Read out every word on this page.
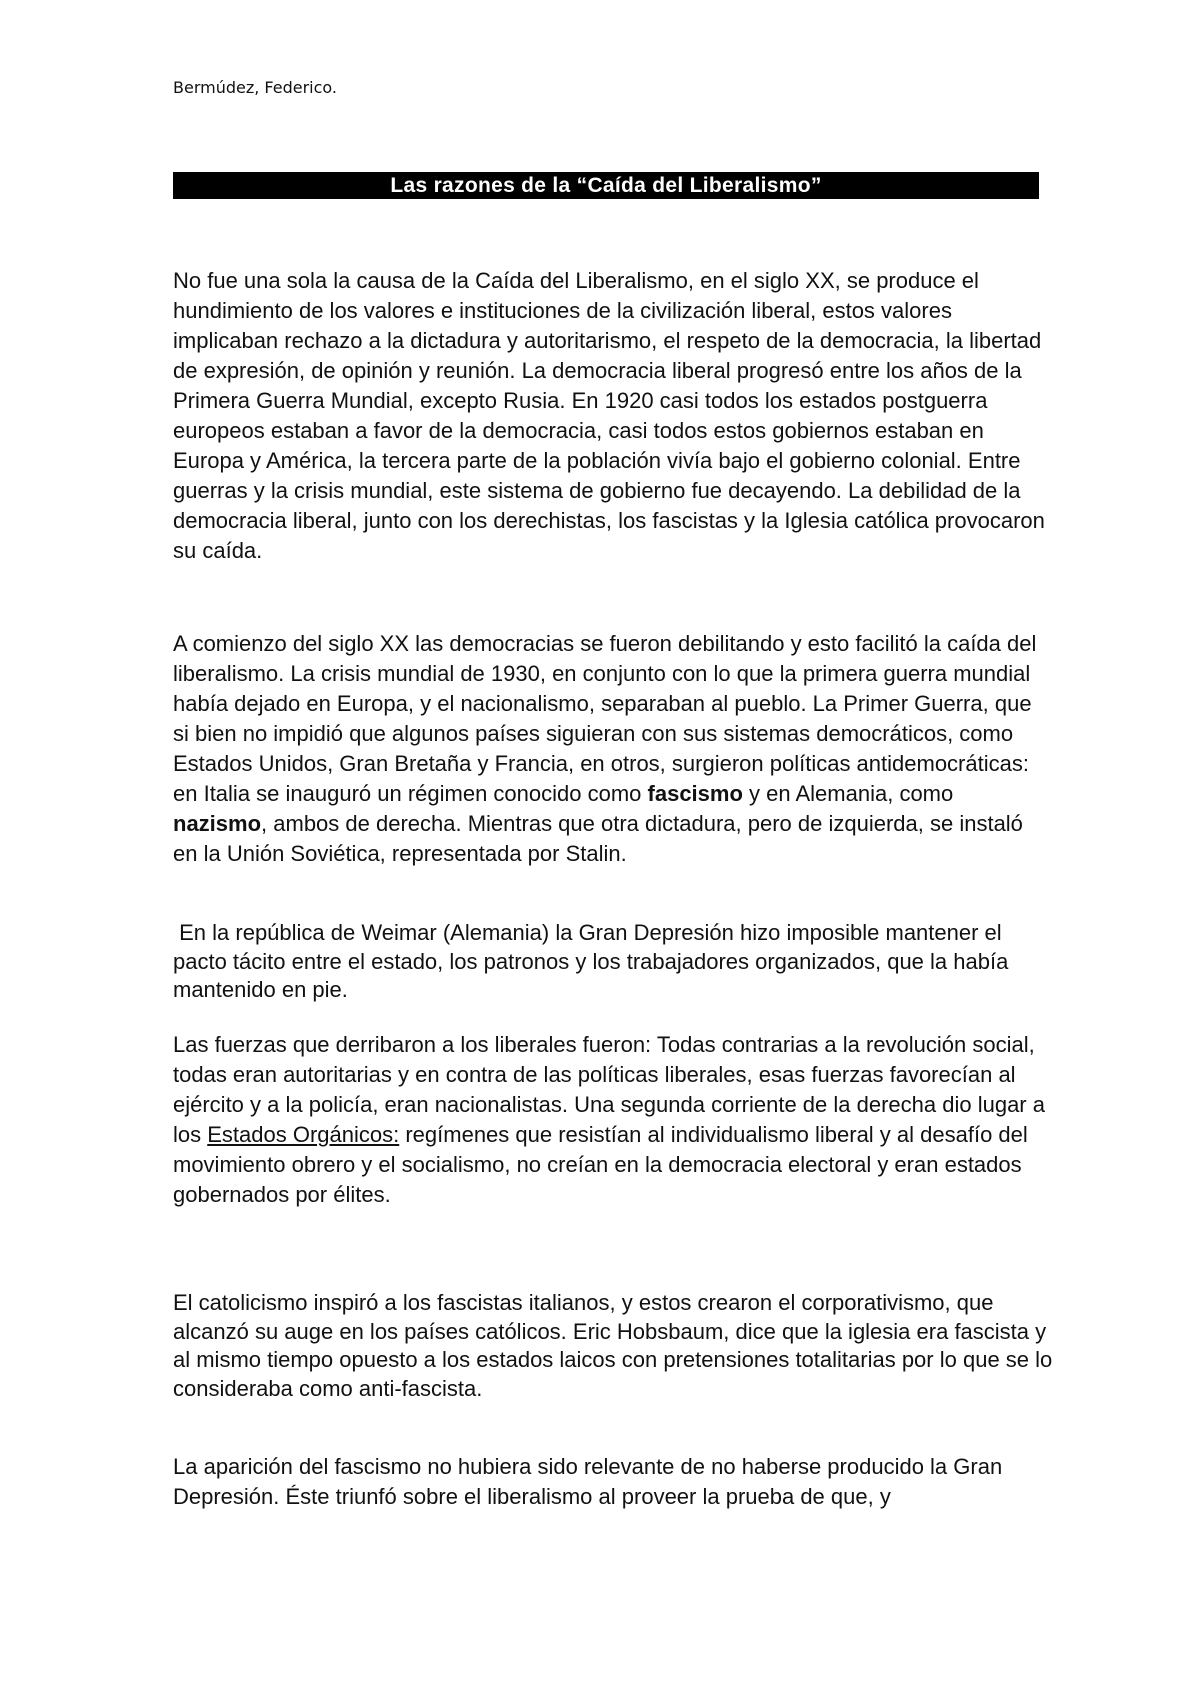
Bermúdez, Federico.
Las razones de la “Caída del Liberalismo”
No fue una sola la causa de la Caída del Liberalismo, en el siglo XX, se produce el hundimiento de los valores e instituciones de la civilización liberal, estos valores implicaban rechazo a la dictadura y autoritarismo, el respeto de la democracia, la libertad de expresión, de opinión y reunión. La democracia liberal progresó entre los años de la Primera Guerra Mundial, excepto Rusia. En 1920 casi todos los estados postguerra europeos estaban a favor de la democracia, casi todos estos gobiernos estaban en Europa y América, la tercera parte de la población vivía bajo el gobierno colonial. Entre guerras y la crisis mundial, este sistema de gobierno fue decayendo. La debilidad de la democracia liberal, junto con los derechistas, los fascistas y la Iglesia católica provocaron su caída.
A comienzo del siglo XX las democracias se fueron debilitando y esto facilitó la caída del liberalismo. La crisis mundial de 1930, en conjunto con lo que la primera guerra mundial había dejado en Europa, y el nacionalismo, separaban al pueblo. La Primer Guerra, que si bien no impidió que algunos países siguieran con sus sistemas democráticos, como Estados Unidos, Gran Bretaña y Francia, en otros, surgieron políticas antidemocráticas: en Italia se inauguró un régimen conocido como fascismo y en Alemania, como nazismo, ambos de derecha. Mientras que otra dictadura, pero de izquierda, se instaló en la Unión Soviética, representada por Stalin.
En la república de Weimar (Alemania) la Gran Depresión hizo imposible mantener el pacto tácito entre el estado, los patronos y los trabajadores organizados, que la había mantenido en pie.
Las fuerzas que derribaron a los liberales fueron: Todas contrarias a la revolución social, todas eran autoritarias y en contra de las políticas liberales, esas fuerzas favorecían al ejército y a la policía, eran nacionalistas. Una segunda corriente de la derecha dio lugar a los Estados Orgánicos: regímenes que resistían al individualismo liberal y al desafío del movimiento obrero y el socialismo, no creían en la democracia electoral y eran estados gobernados por élites.
El catolicismo inspiró a los fascistas italianos, y estos crearon el corporativismo, que alcanzó su auge en los países católicos. Eric Hobsbaum, dice que la iglesia era fascista y al mismo tiempo opuesto a los estados laicos con pretensiones totalitarias por lo que se lo consideraba como anti-fascista.
La aparición del fascismo no hubiera sido relevante de no haberse producido la Gran Depresión. Éste triunfó sobre el liberalismo al proveer la prueba de que, y
